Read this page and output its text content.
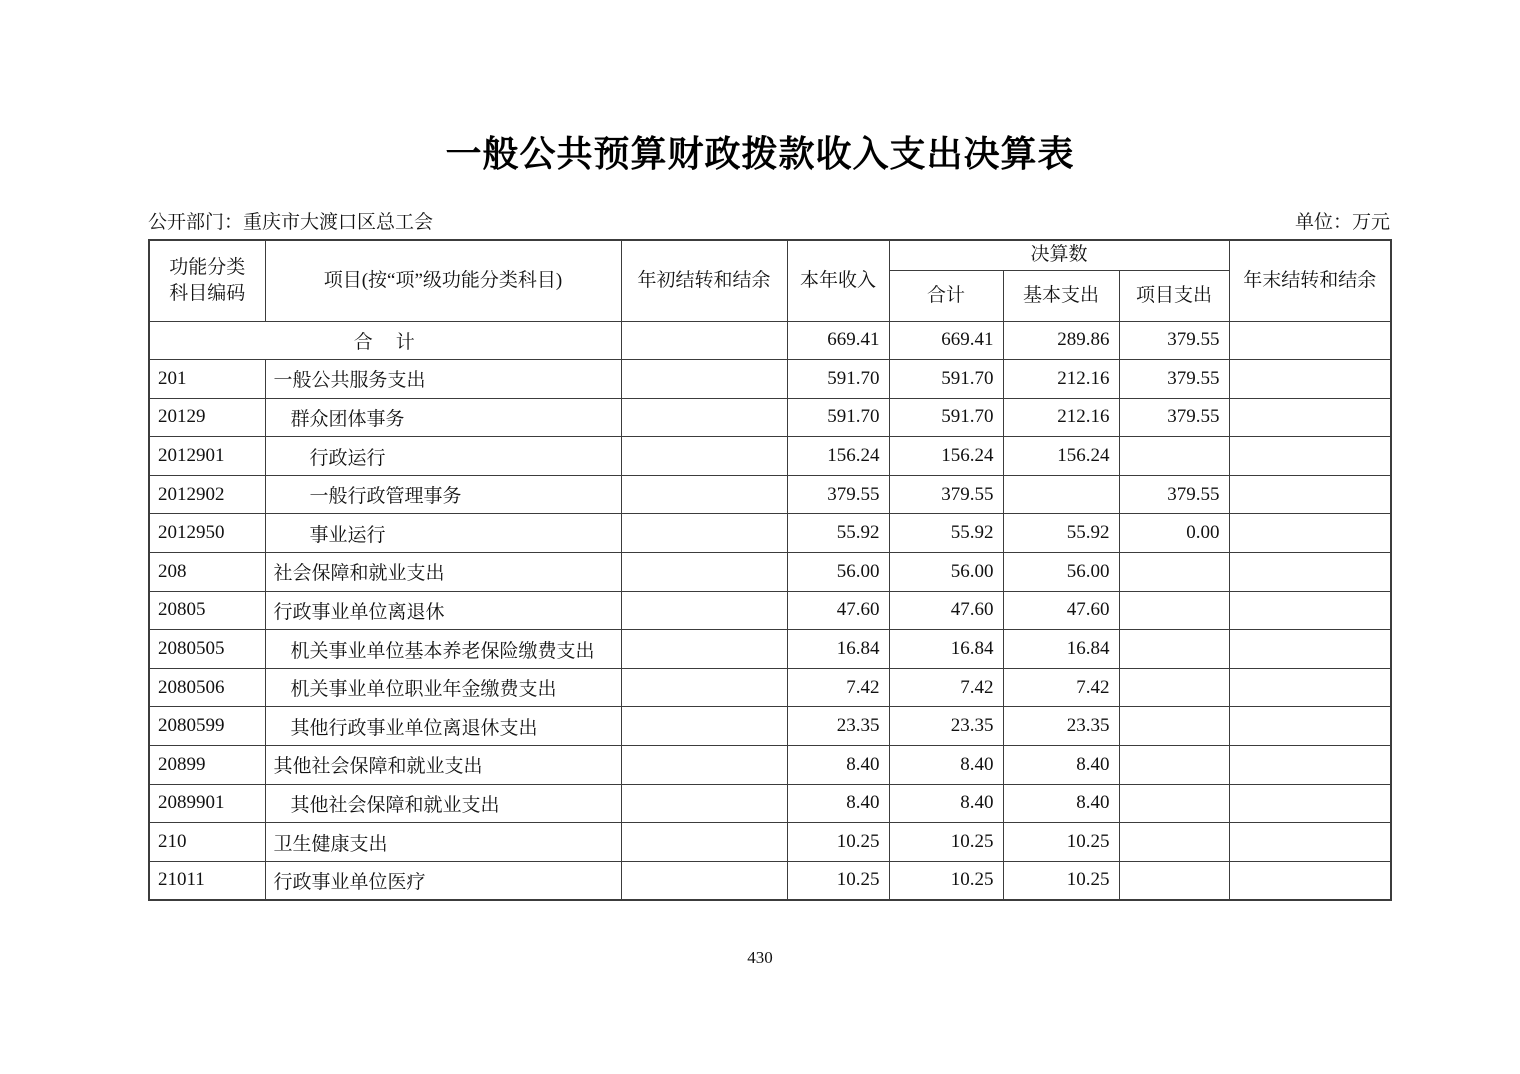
一般公共预算财政拨款收入支出决算表
公开部门：重庆市大渡口区总工会	单位：万元
功能分类
科目编码	项目(按“项”级功能分类科目)	年初结转和结余	本年收入	决算数			年末结转和结余
				合计	基本支出	项目支出	
合　计			669.41	669.41	289.86	379.55	
201	一般公共服务支出		591.70	591.70	212.16	379.55	
20129	群众团体事务		591.70	591.70	212.16	379.55	
2012901	行政运行		156.24	156.24	156.24		
2012902	一般行政管理事务		379.55	379.55		379.55	
2012950	事业运行		55.92	55.92	55.92	0.00	
208	社会保障和就业支出		56.00	56.00	56.00		
20805	行政事业单位离退休		47.60	47.60	47.60		
2080505	机关事业单位基本养老保险缴费支出		16.84	16.84	16.84		
2080506	机关事业单位职业年金缴费支出		7.42	7.42	7.42		
2080599	其他行政事业单位离退休支出		23.35	23.35	23.35		
20899	其他社会保障和就业支出		8.40	8.40	8.40		
2089901	其他社会保障和就业支出		8.40	8.40	8.40		
210	卫生健康支出		10.25	10.25	10.25		
21011	行政事业单位医疗		10.25	10.25	10.25		
430
